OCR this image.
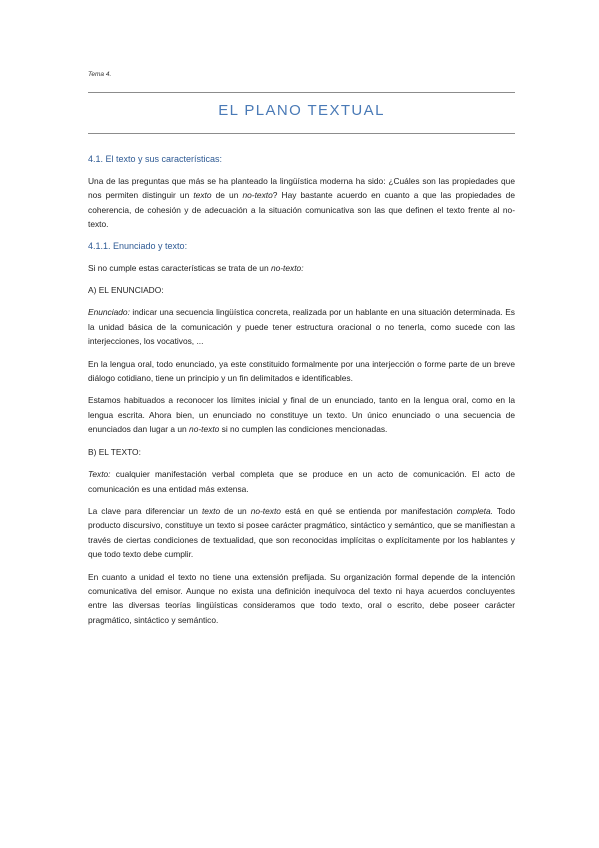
Tema 4.
EL PLANO TEXTUAL
4.1. El texto y sus características:

Una de las preguntas que más se ha planteado la lingüística moderna ha sido: ¿Cuáles son las propiedades que nos permiten distinguir un texto de un no-texto? Hay bastante acuerdo en cuanto a que las propiedades de coherencia, de cohesión y de adecuación a la situación comunicativa son las que definen el texto frente al no-texto.

4.1.1. Enunciado y texto:

Si no cumple estas características se trata de un no-texto:

A) EL ENUNCIADO:

Enunciado: indicar una secuencia lingüística concreta, realizada por un hablante en una situación determinada. Es la unidad básica de la comunicación y puede tener estructura oracional o no tenerla, como sucede con las interjecciones, los vocativos, ...

En la lengua oral, todo enunciado, ya este constituido formalmente por una interjección o forme parte de un breve diálogo cotidiano, tiene un principio y un fin delimitados e identificables.

Estamos habituados a reconocer los límites inicial y final de un enunciado, tanto en la lengua oral, como en la lengua escrita. Ahora bien, un enunciado no constituye un texto. Un único enunciado o una secuencia de enunciados dan lugar a un no-texto si no cumplen las condiciones mencionadas.

B) EL TEXTO:

Texto: cualquier manifestación verbal completa que se produce en un acto de comunicación. El acto de comunicación es una entidad más extensa.

La clave para diferenciar un texto de un no-texto está en qué se entienda por manifestación completa. Todo producto discursivo, constituye un texto si posee carácter pragmático, sintáctico y semántico, que se manifiestan a través de ciertas condiciones de textualidad, que son reconocidas implícitas o explícitamente por los hablantes y que todo texto debe cumplir.

En cuanto a unidad el texto no tiene una extensión prefijada. Su organización formal depende de la intención comunicativa del emisor. Aunque no exista una definición inequívoca del texto ni haya acuerdos concluyentes entre las diversas teorías lingüísticas consideramos que todo texto, oral o escrito, debe poseer carácter pragmático, sintáctico y semántico.
